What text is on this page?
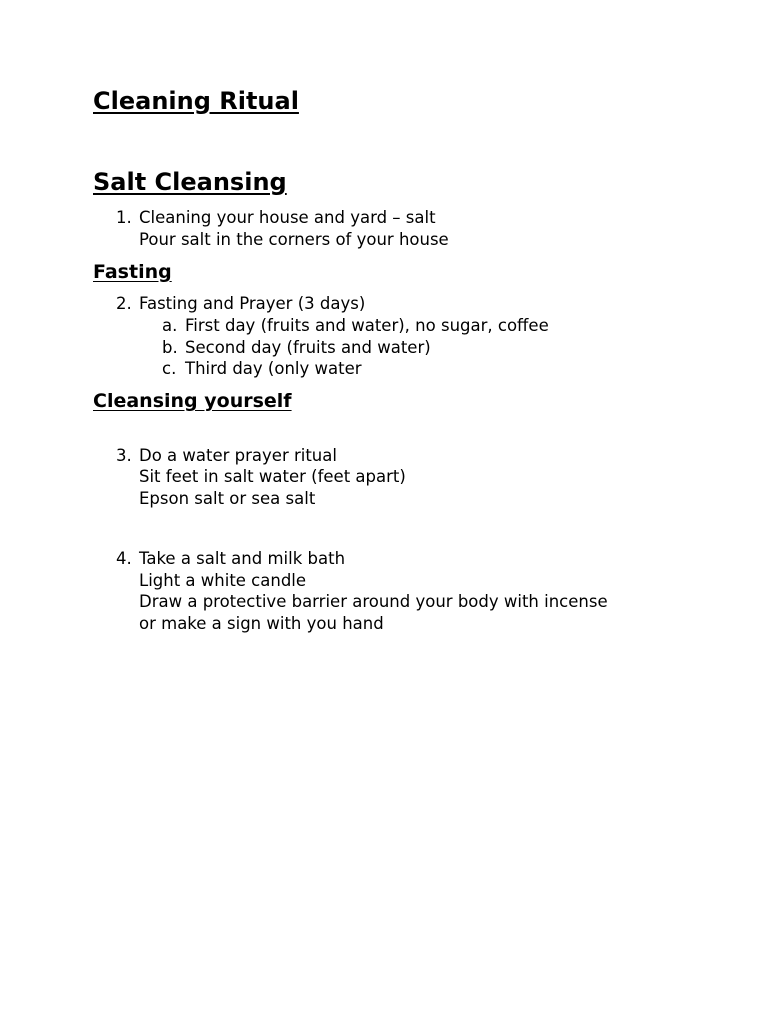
Cleaning Ritual
Salt Cleansing
1. Cleaning your house and yard – salt
Pour salt in the corners of your house
Fasting
2. Fasting and Prayer (3 days)
a. First day (fruits and water), no sugar, coffee
b. Second day (fruits and water)
c. Third day (only water
Cleansing yourself
3. Do a water prayer ritual
Sit feet in salt water (feet apart)
Epson salt or sea salt
4. Take a salt and milk bath
Light a white candle
Draw a protective barrier around your body with incense
or make a sign with you hand
